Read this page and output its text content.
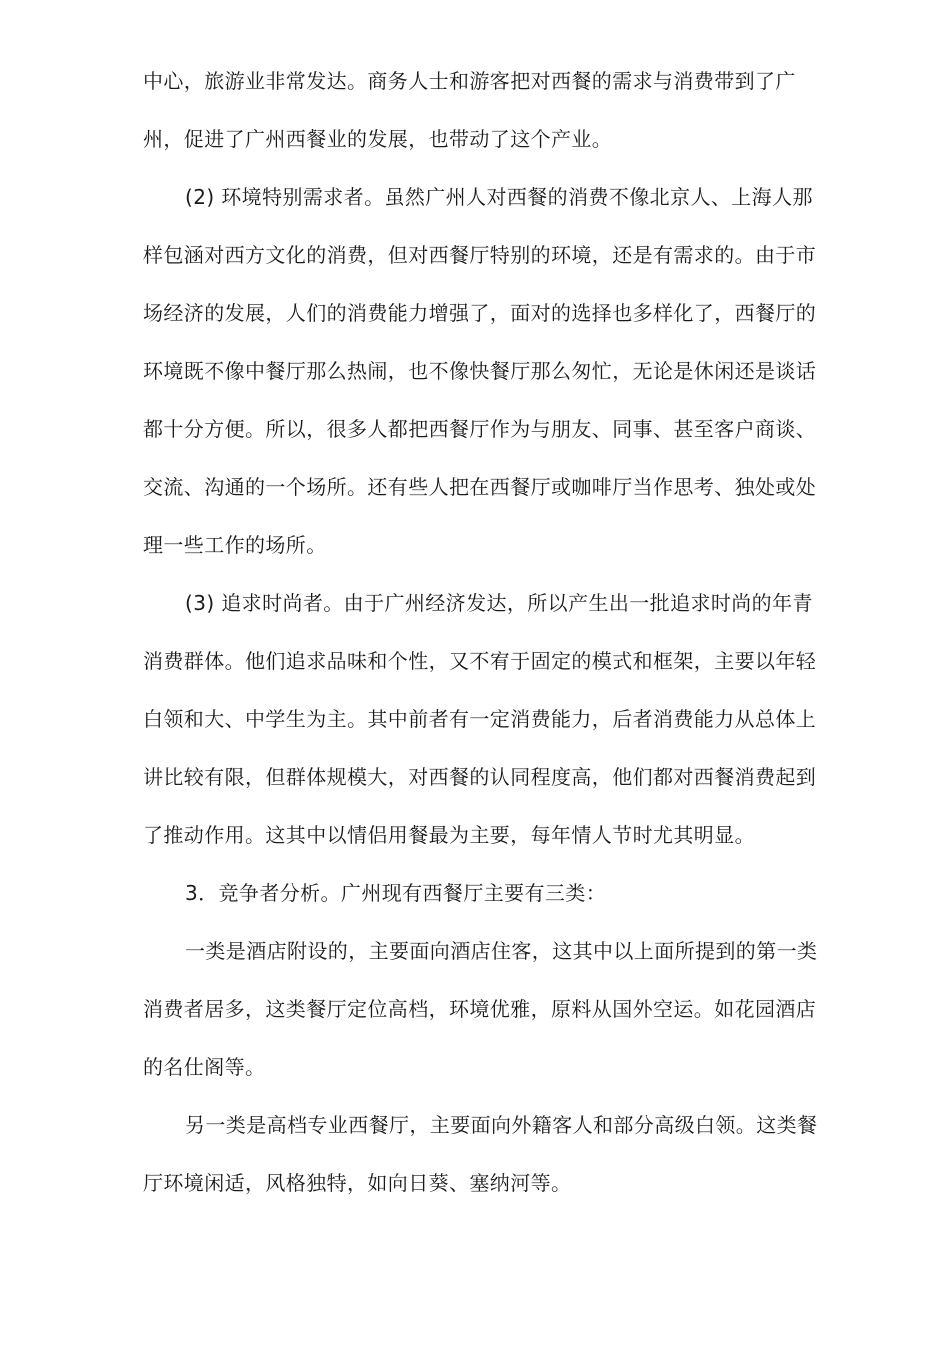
中心，旅游业非常发达。商务人士和游客把对西餐的需求与消费带到了广
州，促进了广州西餐业的发展，也带动了这个产业。
(2) 环境特别需求者。虽然广州人对西餐的消费不像北京人、上海人那
样包涵对西方文化的消费，但对西餐厅特别的环境，还是有需求的。由于市
场经济的发展，人们的消费能力增强了，面对的选择也多样化了，西餐厅的
环境既不像中餐厅那么热闹，也不像快餐厅那么匆忙，无论是休闲还是谈话
都十分方便。所以，很多人都把西餐厅作为与朋友、同事、甚至客户商谈、
交流、沟通的一个场所。还有些人把在西餐厅或咖啡厅当作思考、独处或处
理一些工作的场所。
(3) 追求时尚者。由于广州经济发达，所以产生出一批追求时尚的年青
消费群体。他们追求品味和个性，又不宥于固定的模式和框架，主要以年轻
白领和大、中学生为主。其中前者有一定消费能力，后者消费能力从总体上
讲比较有限，但群体规模大，对西餐的认同程度高，他们都对西餐消费起到
了推动作用。这其中以情侣用餐最为主要，每年情人节时尤其明显。
3．竞争者分析。广州现有西餐厅主要有三类：
一类是酒店附设的，主要面向酒店住客，这其中以上面所提到的第一类
消费者居多，这类餐厅定位高档，环境优雅，原料从国外空运。如花园酒店
的名仕阁等。
另一类是高档专业西餐厅，主要面向外籍客人和部分高级白领。这类餐
厅环境闲适，风格独特，如向日葵、塞纳河等。
